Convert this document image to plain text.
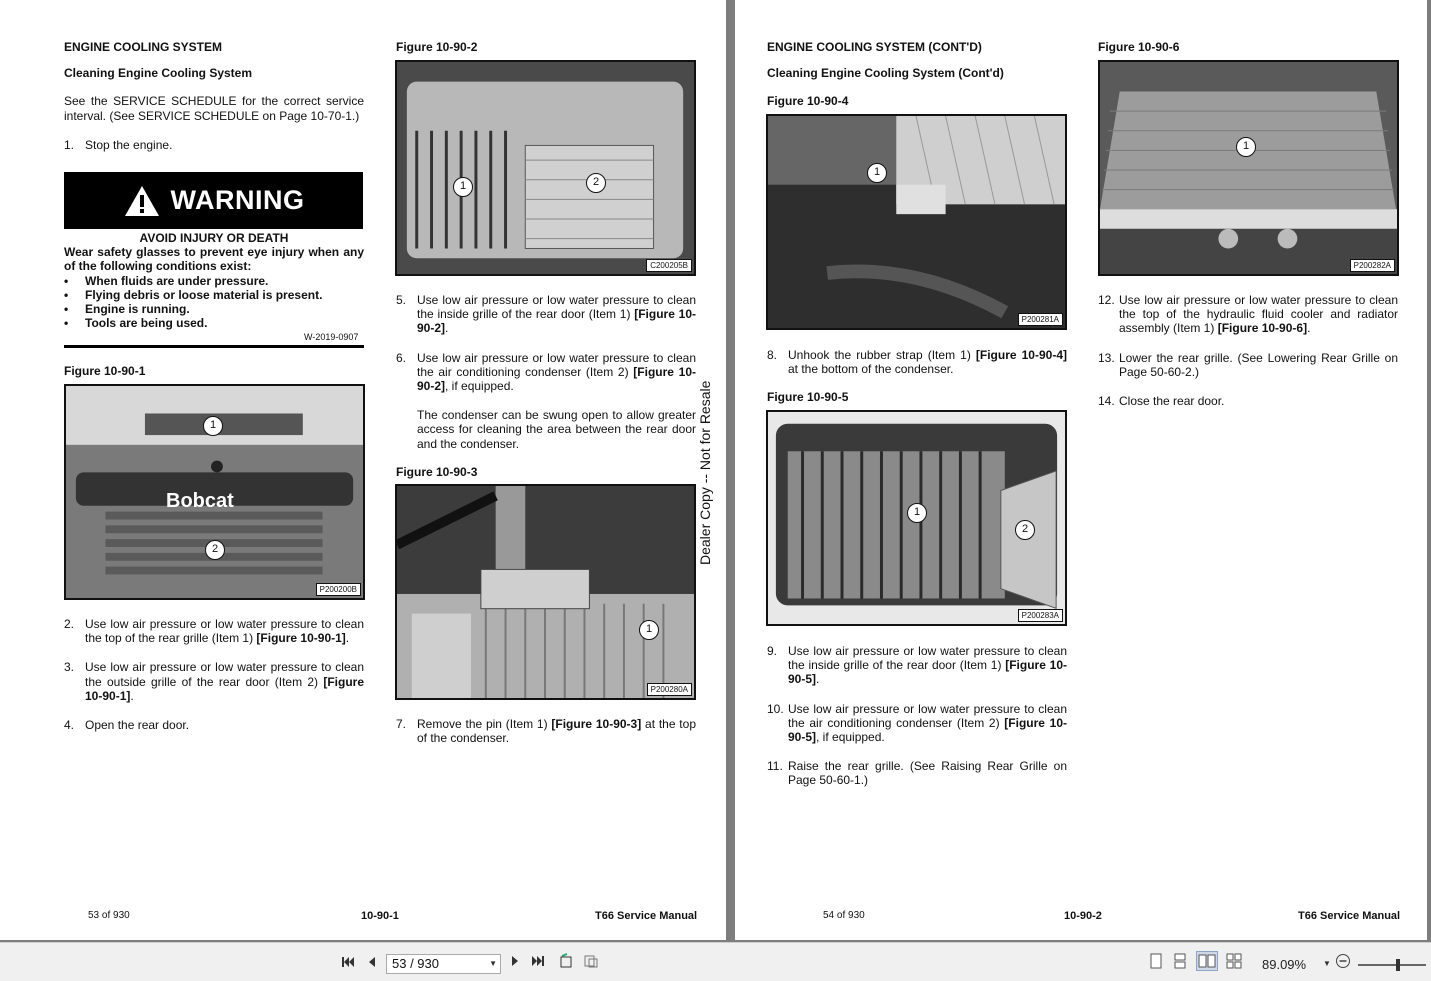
ENGINE COOLING SYSTEM
Cleaning Engine Cooling System
See the SERVICE SCHEDULE for the correct service interval. (See SERVICE SCHEDULE on Page 10-70-1.)
1. Stop the engine.
WARNING
AVOID INJURY OR DEATH
Wear safety glasses to prevent eye injury when any of the following conditions exist:
• When fluids are under pressure.
• Flying debris or loose material is present.
• Engine is running.
• Tools are being used.
W-2019-0907
Figure 10-90-1
Bobcat
1
2
P200200B
2. Use low air pressure or low water pressure to clean the top of the rear grille (Item 1) [Figure 10-90-1].
3. Use low air pressure or low water pressure to clean the outside grille of the rear door (Item 2) [Figure 10-90-1].
4. Open the rear door.
Figure 10-90-2
1	2
C200205B
5. Use low air pressure or low water pressure to clean the inside grille of the rear door (Item 1) [Figure 10-90-2].
6. Use low air pressure or low water pressure to clean the air conditioning condenser (Item 2) [Figure 10-90-2], if equipped.
The condenser can be swung open to allow greater access for cleaning the area between the rear door and the condenser.
Figure 10-90-3
1
P200280A
7. Remove the pin (Item 1) [Figure 10-90-3] at the top of the condenser.
53 of 930	10-90-1	T66 Service Manual
Dealer Copy -- Not for Resale
ENGINE COOLING SYSTEM (CONT'D)
Cleaning Engine Cooling System (Cont'd)
Figure 10-90-4
1
P200281A
8. Unhook the rubber strap (Item 1) [Figure 10-90-4] at the bottom of the condenser.
Figure 10-90-5
1
2
P200283A
9. Use low air pressure or low water pressure to clean the inside grille of the rear door (Item 1) [Figure 10-90-5].
10. Use low air pressure or low water pressure to clean the air conditioning condenser (Item 2) [Figure 10-90-5], if equipped.
11. Raise the rear grille. (See Raising Rear Grille on Page 50-60-1.)
Figure 10-90-6
1
P200282A
12. Use low air pressure or low water pressure to clean the top of the hydraulic fluid cooler and radiator assembly (Item 1) [Figure 10-90-6].
13. Lower the rear grille. (See Lowering Rear Grille on Page 50-60-2.)
14. Close the rear door.
54 of 930	10-90-2	T66 Service Manual
53 / 930	▼	89.09% ▼
